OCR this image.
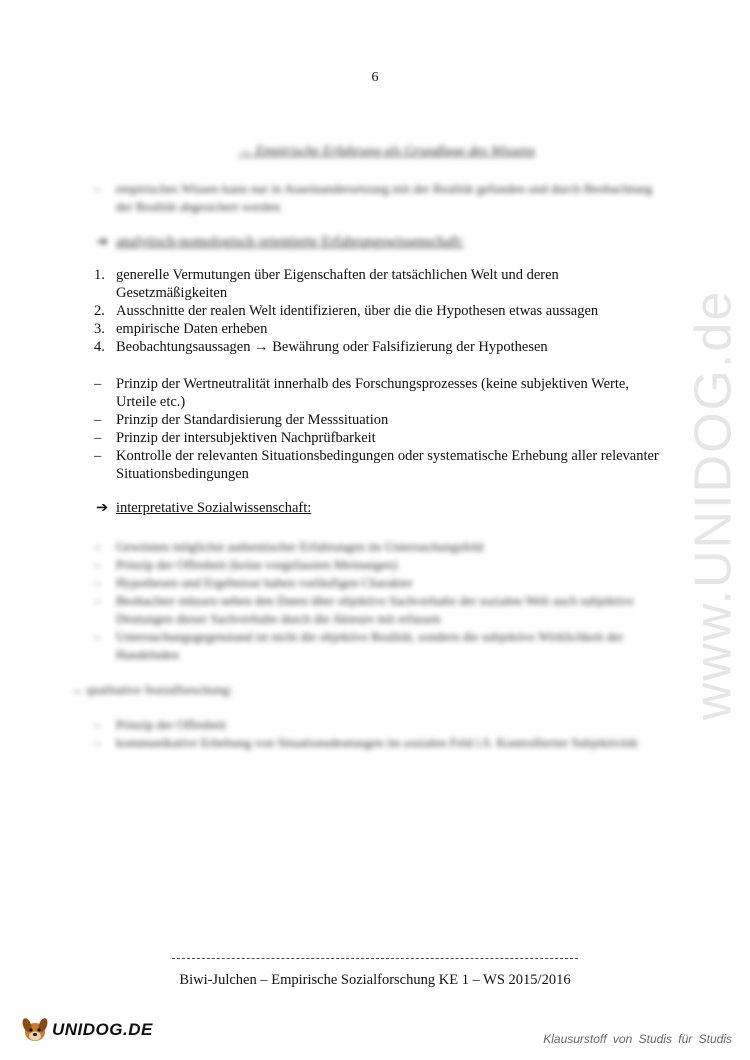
6
→ Empirische Erfahrung als Grundlage des Wissens
– empirisches Wissen kann nur in Auseinandersetzung mit der Realität gefunden und durch Beobachtung der Realität abgesichert werden
➔ analytisch-nomologisch orientierte Erfahrungswissenschaft:
1. generelle Vermutungen über Eigenschaften der tatsächlichen Welt und deren Gesetzmäßigkeiten
2. Ausschnitte der realen Welt identifizieren, über die die Hypothesen etwas aussagen
3. empirische Daten erheben
4. Beobachtungsaussagen → Bewährung oder Falsifizierung der Hypothesen
– Prinzip der Wertneutralität innerhalb des Forschungsprozesses (keine subjektiven Werte, Urteile etc.)
– Prinzip der Standardisierung der Messsituation
– Prinzip der intersubjektiven Nachprüfbarkeit
– Kontrolle der relevanten Situationsbedingungen oder systematische Erhebung aller relevanter Situationsbedingungen
➔ interpretative Sozialwissenschaft:
– Gewinnen möglichst authentischer Erfahrungen im Untersuchungsfeld
– Prinzip der Offenheit (keine vorgefassten Meinungen)
– Hypothesen und Ergebnisse haben vorläufigen Charakter
– Beobachter müssen neben den Daten über objektive Sachverhalte der sozialen Welt auch subjektive Deutungen dieser Sachverhalte durch die Akteure mit erfassen
– Untersuchungsgegenstand ist nicht die objektive Realität, sondern die subjektive Wirklichkeit der Handelnden
→ qualitative Sozialforschung:
– Prinzip der Offenheit
– kommunikative Erhebung von Situationsdeutungen im sozialen Feld i.S. Kontrollierter Subjektivität
www.UNIDOG.de
Biwi-Julchen – Empirische Sozialforschung KE 1 – WS 2015/2016
UNIDOG.DE	Klausurstoff von Studis für Studis
